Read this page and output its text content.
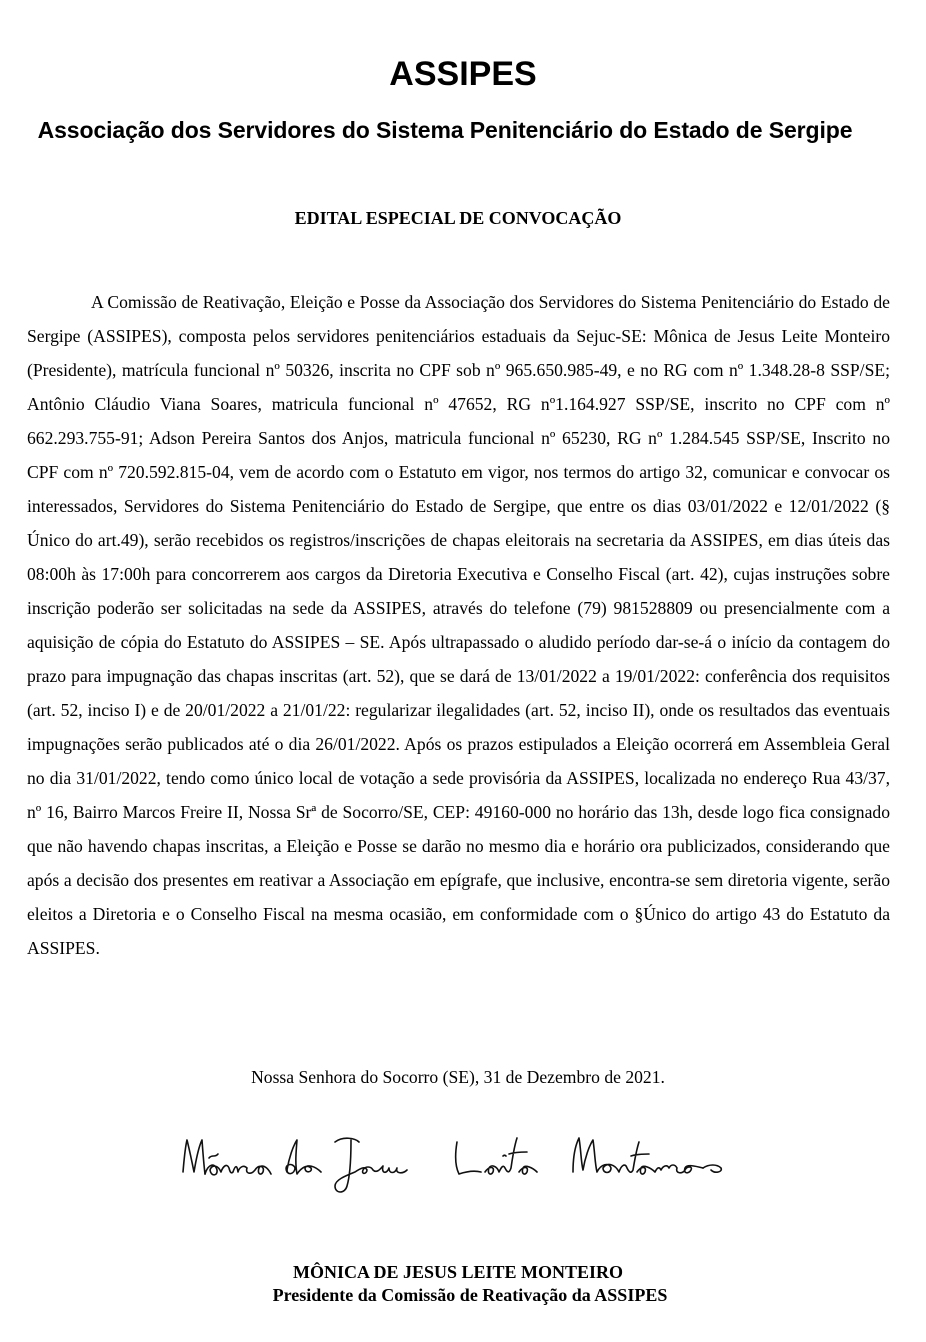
ASSIPES
Associação dos Servidores do Sistema Penitenciário do Estado de Sergipe
EDITAL ESPECIAL DE CONVOCAÇÃO

A Comissão de Reativação, Eleição e Posse da Associação dos Servidores do Sistema Penitenciário do Estado de Sergipe (ASSIPES), composta pelos servidores penitenciários estaduais da Sejuc-SE: Mônica de Jesus Leite Monteiro (Presidente), matrícula funcional nº 50326, inscrita no CPF sob nº 965.650.985-49, e no RG com nº 1.348.28-8 SSP/SE; Antônio Cláudio Viana Soares, matricula funcional nº 47652, RG nº1.164.927 SSP/SE, inscrito no CPF com nº 662.293.755-91; Adson Pereira Santos dos Anjos, matricula funcional nº 65230, RG nº 1.284.545 SSP/SE, Inscrito no CPF com nº 720.592.815-04, vem de acordo com o Estatuto em vigor, nos termos do artigo 32, comunicar e convocar os interessados, Servidores do Sistema Penitenciário do Estado de Sergipe, que entre os dias 03/01/2022 e 12/01/2022 (§ Único do art.49), serão recebidos os registros/inscrições de chapas eleitorais na secretaria da ASSIPES, em dias úteis das 08:00h às 17:00h para concorrerem aos cargos da Diretoria Executiva e Conselho Fiscal (art. 42), cujas instruções sobre inscrição poderão ser solicitadas na sede da ASSIPES, através do telefone (79) 981528809 ou presencialmente com a aquisição de cópia do Estatuto do ASSIPES – SE. Após ultrapassado o aludido período dar-se-á o início da contagem do prazo para impugnação das chapas inscritas (art. 52), que se dará de 13/01/2022 a 19/01/2022: conferência dos requisitos (art. 52, inciso I) e de 20/01/2022 a 21/01/22: regularizar ilegalidades (art. 52, inciso II), onde os resultados das eventuais impugnações serão publicados até o dia 26/01/2022. Após os prazos estipulados a Eleição ocorrerá em Assembleia Geral no dia 31/01/2022, tendo como único local de votação a sede provisória da ASSIPES, localizada no endereço Rua 43/37, nº 16, Bairro Marcos Freire II, Nossa Srª de Socorro/SE, CEP: 49160-000 no horário das 13h, desde logo fica consignado que não havendo chapas inscritas, a Eleição e Posse se darão no mesmo dia e horário ora publicizados, considerando que após a decisão dos presentes em reativar a Associação em epígrafe, que inclusive, encontra-se sem diretoria vigente, serão eleitos a Diretoria e o Conselho Fiscal na mesma ocasião, em conformidade com o §Único do artigo 43 do Estatuto da ASSIPES.

Nossa Senhora do Socorro (SE), 31 de Dezembro de 2021.

MÔNICA DE JESUS LEITE MONTEIRO

Presidente da Comissão de Reativação da ASSIPES
